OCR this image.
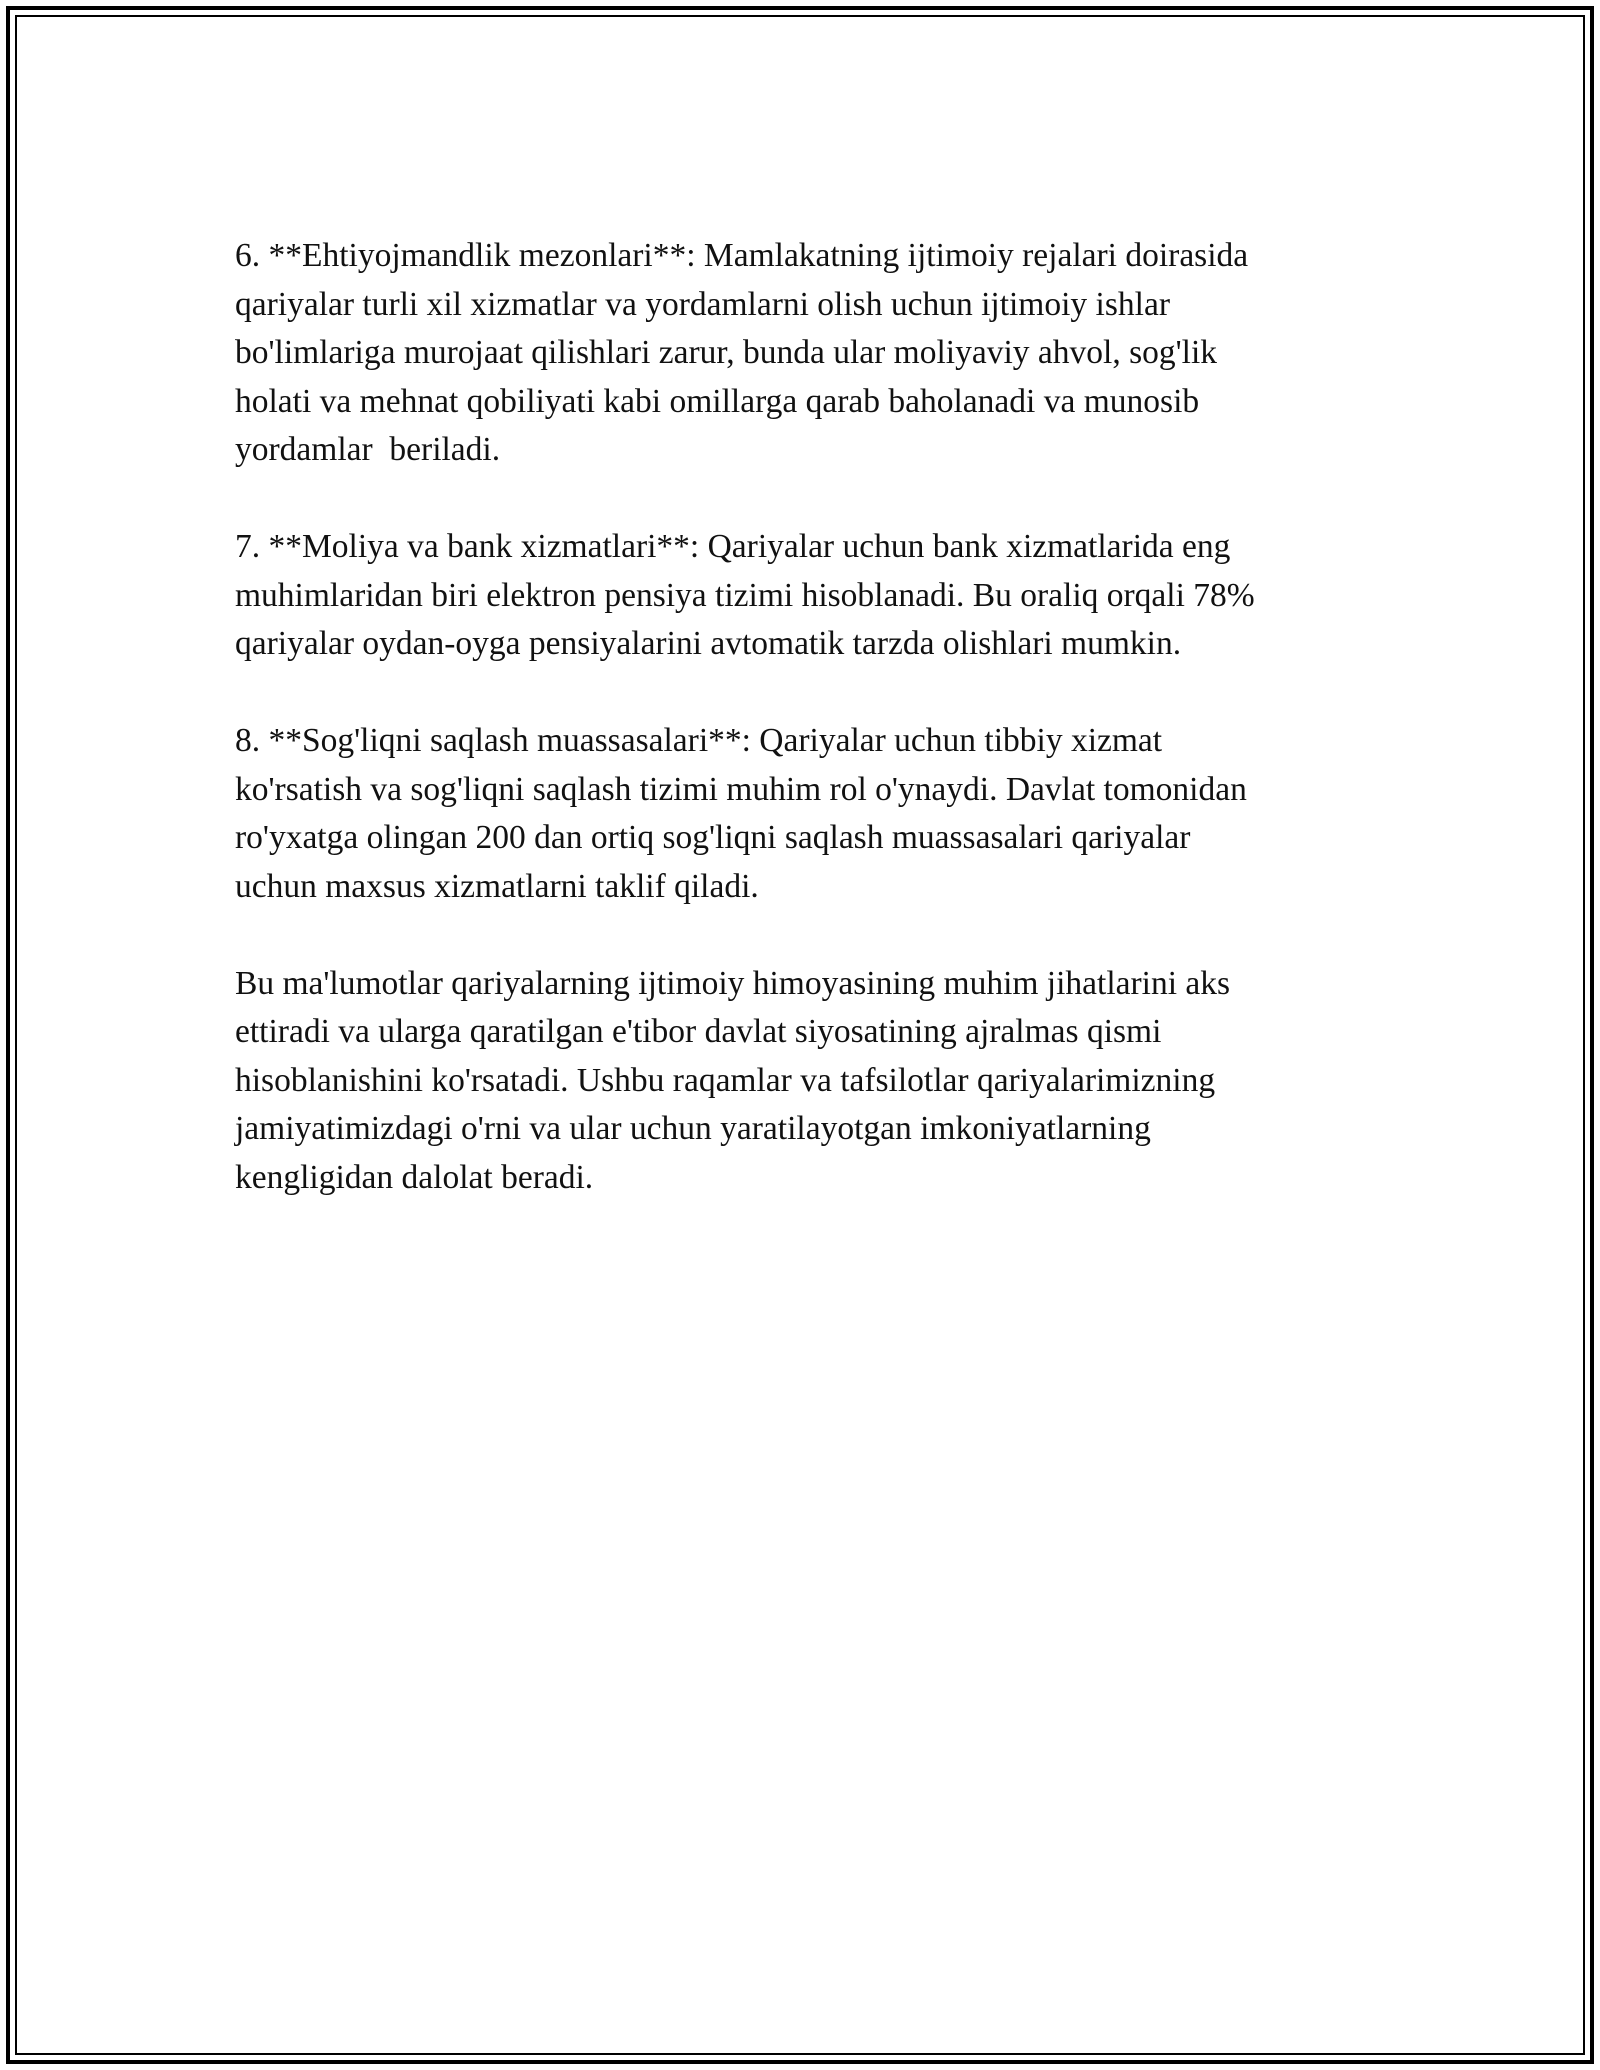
6. **Ehtiyojmandlik mezonlari**: Mamlakatning ijtimoiy rejalari doirasida
qariyalar turli xil xizmatlar va yordamlarni olish uchun ijtimoiy ishlar
bo'limlariga murojaat qilishlari zarur, bunda ular moliyaviy ahvol, sog'lik
holati va mehnat qobiliyati kabi omillarga qarab baholanadi va munosib
yordamlar  beriladi.

7. **Moliya va bank xizmatlari**: Qariyalar uchun bank xizmatlarida eng
muhimlaridan biri elektron pensiya tizimi hisoblanadi. Bu oraliq orqali 78%
qariyalar oydan-oyga pensiyalarini avtomatik tarzda olishlari mumkin.

8. **Sog'liqni saqlash muassasalari**: Qariyalar uchun tibbiy xizmat
ko'rsatish va sog'liqni saqlash tizimi muhim rol o'ynaydi. Davlat tomonidan
ro'yxatga olingan 200 dan ortiq sog'liqni saqlash muassasalari qariyalar
uchun maxsus xizmatlarni taklif qiladi.

Bu ma'lumotlar qariyalarning ijtimoiy himoyasining muhim jihatlarini aks
ettiradi va ularga qaratilgan e'tibor davlat siyosatining ajralmas qismi
hisoblanishini ko'rsatadi. Ushbu raqamlar va tafsilotlar qariyalarimizning
jamiyatimizdagi o'rni va ular uchun yaratilayotgan imkoniyatlarning
kengligidan dalolat beradi.
